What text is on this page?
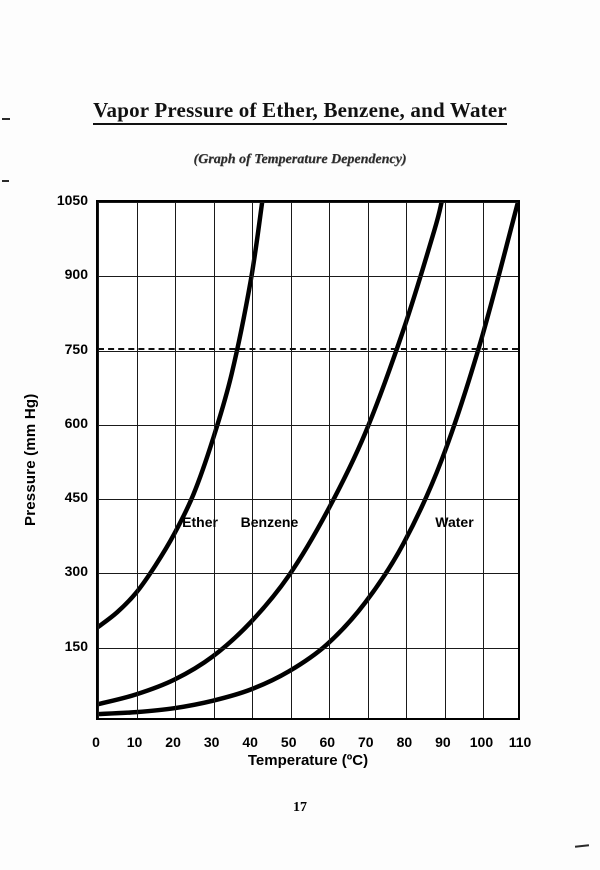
Vapor Pressure of Ether, Benzene, and Water
(Graph of Temperature Dependency)
Pressure (mm Hg)
0 10 20 30 40 50 60 70 80 90 100 110
150
300
450
600
750
900
1050
Ether Benzene	Water
Temperature (ºC)
17
